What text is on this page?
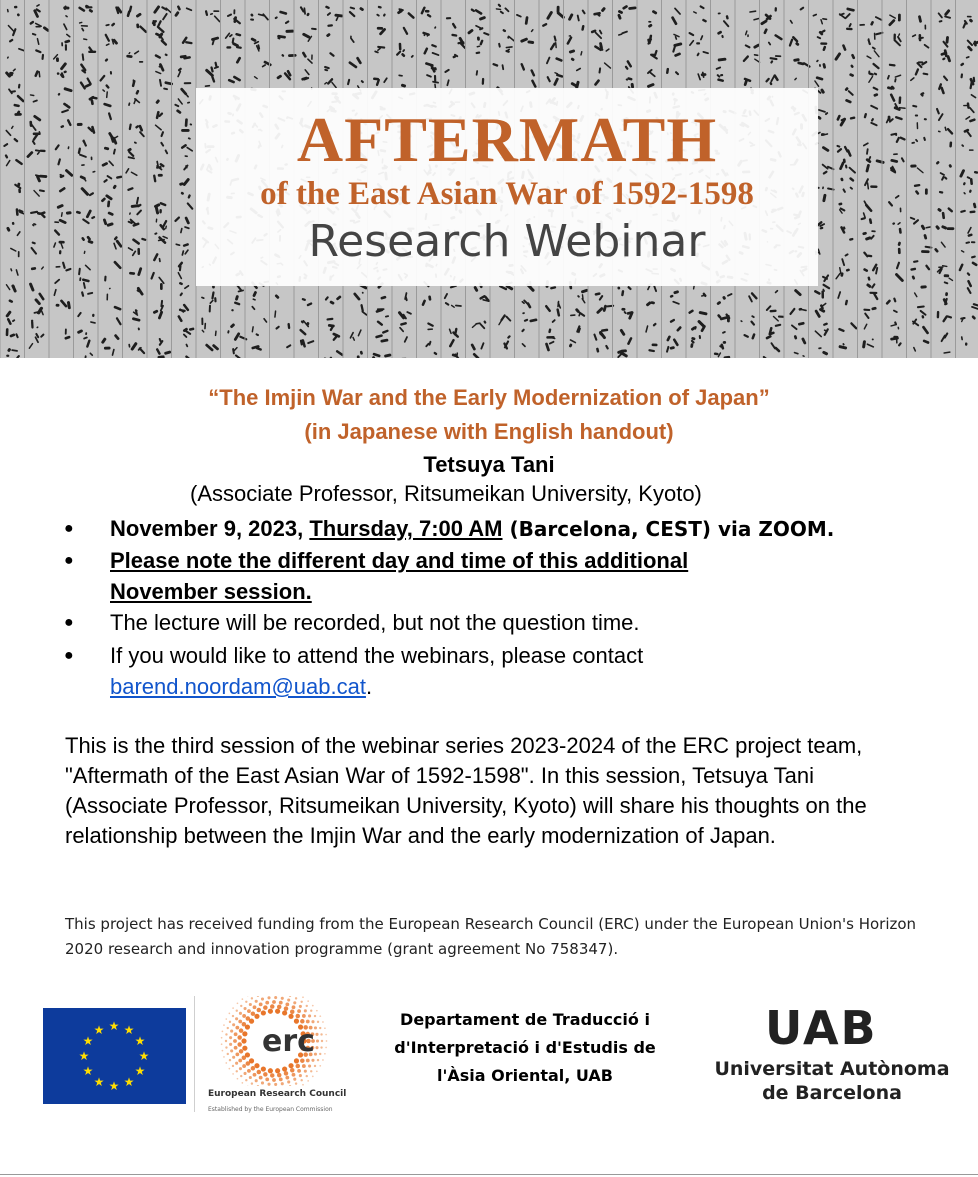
AFTERMATH
of the East Asian War of 1592-1598
Research Webinar
“The Imjin War and the Early Modernization of Japan”
(in Japanese with English handout)
Tetsuya Tani
(Associate Professor, Ritsumeikan University, Kyoto)
● November 9, 2023, Thursday, 7:00 AM (Barcelona, CEST) via ZOOM.
● Please note the different day and time of this additional
November session.
● The lecture will be recorded, but not the question time.
● If you would like to attend the webinars, please contact
barend.noordam@uab.cat.
This is the third session of the webinar series 2023-2024 of the ERC project team, "Aftermath of the East Asian War of 1592-1598". In this session, Tetsuya Tani (Associate Professor, Ritsumeikan University, Kyoto) will share his thoughts on the relationship between the Imjin War and the early modernization of Japan.
This project has received funding from the European Research Council (ERC) under the European Union's Horizon 2020 research and innovation programme (grant agreement No 758347).
★ ★
★
★
★
★
★
★
★
★
★
★	erc
European Research Council
Established by the European Commission
Departament de Traducció i
d'Interpretació i d'Estudis de
l'Àsia Oriental, UAB
UAB
Universitat Autònoma
de Barcelona
